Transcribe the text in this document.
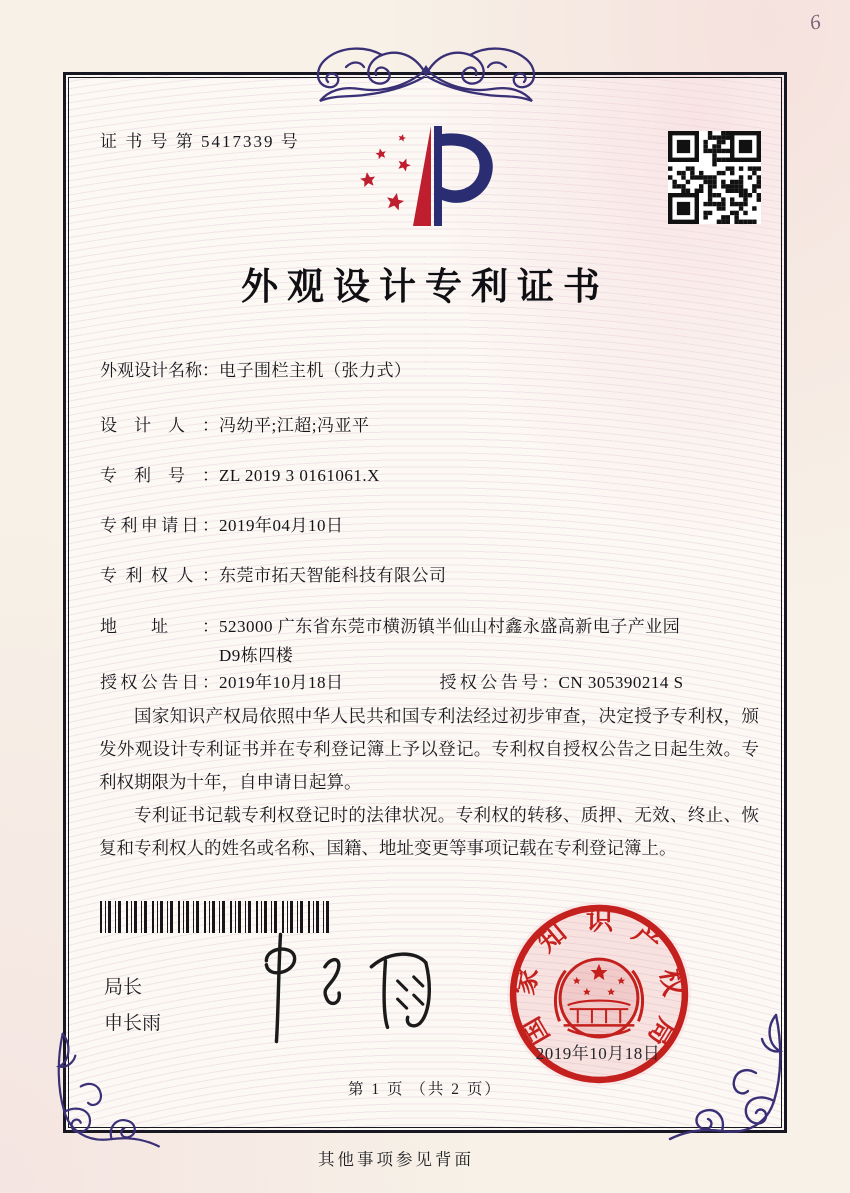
6
证 书 号 第 5417339 号
外观设计专利证书
外观设计名称： 电子围栏主机（张力式）
设计人： 冯幼平;江超;冯亚平
专利号： ZL 2019 3 0161061.X
专利申请日： 2019年04月10日
专利权人： 东莞市拓天智能科技有限公司
地址： 523000 广东省东莞市横沥镇半仙山村鑫永盛高新电子产业园D9栋四楼
授权公告日： 2019年10月18日	授权公告号： CN 305390214 S

国家知识产权局依照中华人民共和国专利法经过初步审查，决定授予专利权，颁发外观设计专利证书并在专利登记簿上予以登记。专利权自授权公告之日起生效。专利权期限为十年，自申请日起算。

专利证书记载专利权登记时的法律状况。专利权的转移、质押、无效、终止、恢复和专利权人的姓名或名称、国籍、地址变更等事项记载在专利登记簿上。

局长
申长雨	国家知识产权局
2019年10月18日
第 1 页 （共 2 页）
其他事项参见背面
